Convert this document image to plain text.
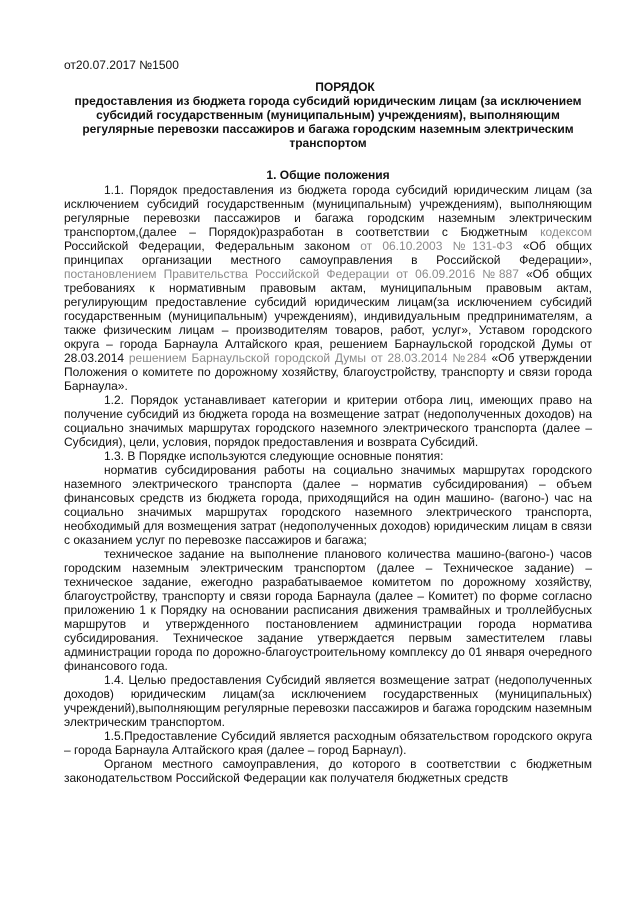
от20.07.2017 №1500
ПОРЯДОК
предоставления из бюджета города субсидий юридическим лицам (за исключением субсидий государственным (муниципальным) учреждениям), выполняющим регулярные перевозки пассажиров и багажа городским наземным электрическим транспортом
1. Общие положения

1.1. Порядок предоставления из бюджета города субсидий юридическим лицам (за исключением субсидий государственным (муниципальным) учреждениям), выполняющим регулярные перевозки пассажиров и багажа городским наземным электрическим транспортом,(далее – Порядок)разработан в соответствии с Бюджетным кодексом Российской Федерации, Федеральным законом от 06.10.2003 №131-ФЗ «Об общих принципах организации местного самоуправления в Российской Федерации», постановлением Правительства Российской Федерации от 06.09.2016 №887 «Об общих требованиях к нормативным правовым актам, муниципальным правовым актам, регулирующим предоставление субсидий юридическим лицам(за исключением субсидий государственным (муниципальным) учреждениям), индивидуальным предпринимателям, а также физическим лицам – производителям товаров, работ, услуг», Уставом городского округа – города Барнаула Алтайского края, решением Барнаульской городской Думы от 28.03.2014 решением Барнаульской городской Думы от 28.03.2014 №284 «Об утверждении Положения о комитете по дорожному хозяйству, благоустройству, транспорту и связи города Барнаула».

1.2. Порядок устанавливает категории и критерии отбора лиц, имеющих право на получение субсидий из бюджета города на возмещение затрат (недополученных доходов) на социально значимых маршрутах городского наземного электрического транспорта (далее – Субсидия), цели, условия, порядок предоставления и возврата Субсидий.

1.3. В Порядке используются следующие основные понятия:

норматив субсидирования работы на социально значимых маршрутах городского наземного электрического транспорта (далее – норматив субсидирования) – объем финансовых средств из бюджета города, приходящийся на один машино- (вагоно-) час на социально значимых маршрутах городского наземного электрического транспорта, необходимый для возмещения затрат (недополученных доходов) юридическим лицам в связи с оказанием услуг по перевозке пассажиров и багажа;

техническое задание на выполнение планового количества машино-(вагоно-) часов городским наземным электрическим транспортом (далее – Техническое задание) –техническое задание, ежегодно разрабатываемое комитетом по дорожному хозяйству, благоустройству, транспорту и связи города Барнаула (далее – Комитет) по форме согласно приложению 1 к Порядку на основании расписания движения трамвайных и троллейбусных маршрутов и утвержденного постановлением администрации города норматива субсидирования. Техническое задание утверждается первым заместителем главы администрации города по дорожно-благоустроительному комплексу до 01 января очередного финансового года.

1.4. Целью предоставления Субсидий является возмещение затрат (недополученных доходов) юридическим лицам(за исключением государственных (муниципальных) учреждений),выполняющим регулярные перевозки пассажиров и багажа городским наземным электрическим транспортом.

1.5.Предоставление Субсидий является расходным обязательством городского округа – города Барнаула Алтайского края (далее – город Барнаул).

Органом местного самоуправления, до которого в соответствии с бюджетным законодательством Российской Федерации как получателя бюджетных средств
